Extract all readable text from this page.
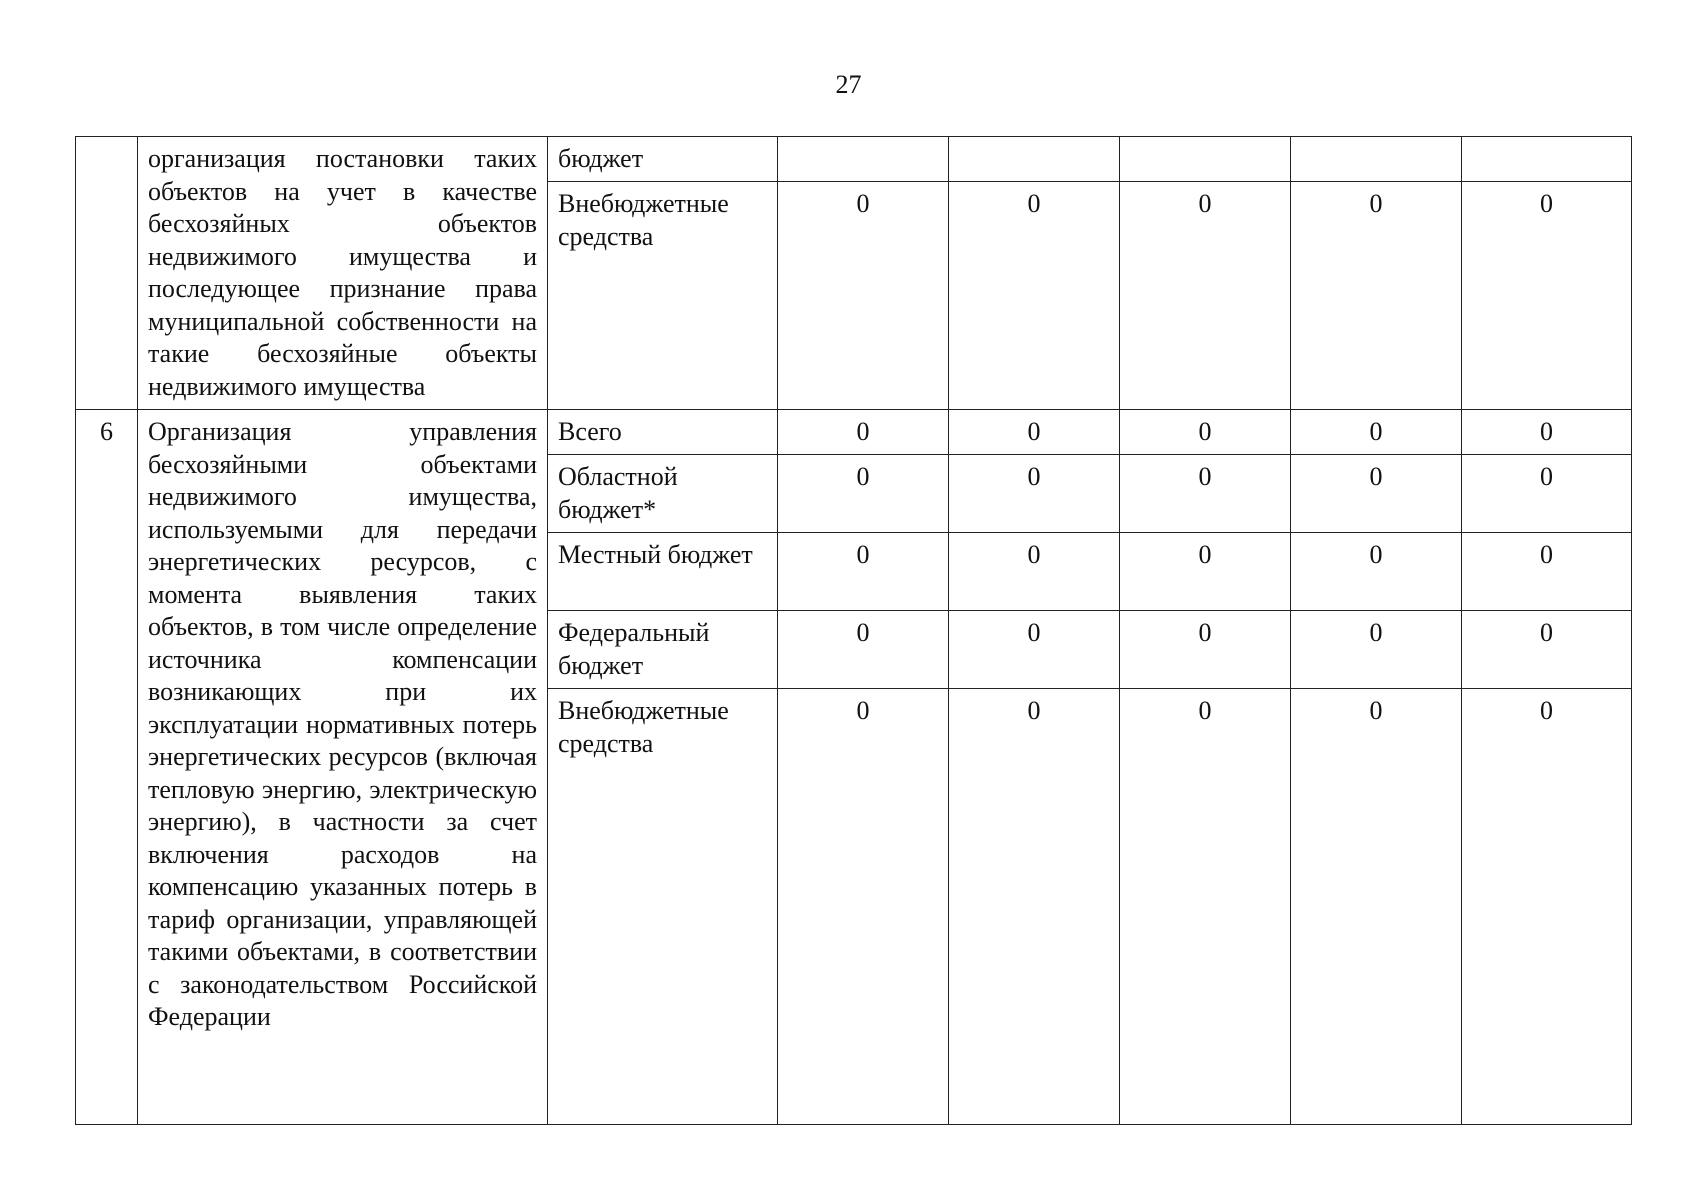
27
	организация постановки таких объектов на учет в качестве бесхозяйных объектов недвижимого имущества и последующее признание права муниципальной собственности на такие бесхозяйные объекты недвижимого имущества	бюджет					
		Внебюджетные средства	0	0	0	0	0
6	Организация управления бесхозяйными объектами недвижимого имущества, используемыми для передачи энергетических ресурсов, с момента выявления таких объектов, в том числе определение источника компенсации возникающих при их эксплуатации нормативных потерь энергетических ресурсов (включая тепловую энергию, электрическую энергию), в частности за счет включения расходов на компенсацию указанных потерь в тариф организации, управляющей такими объектами, в соответствии с законодательством Российской Федерации	Всего	0	0	0	0	0
		Областной бюджет*	0	0	0	0	0
		Местный бюджет	0	0	0	0	0
		Федеральный бюджет	0	0	0	0	0
		Внебюджетные средства	0	0	0	0	0
